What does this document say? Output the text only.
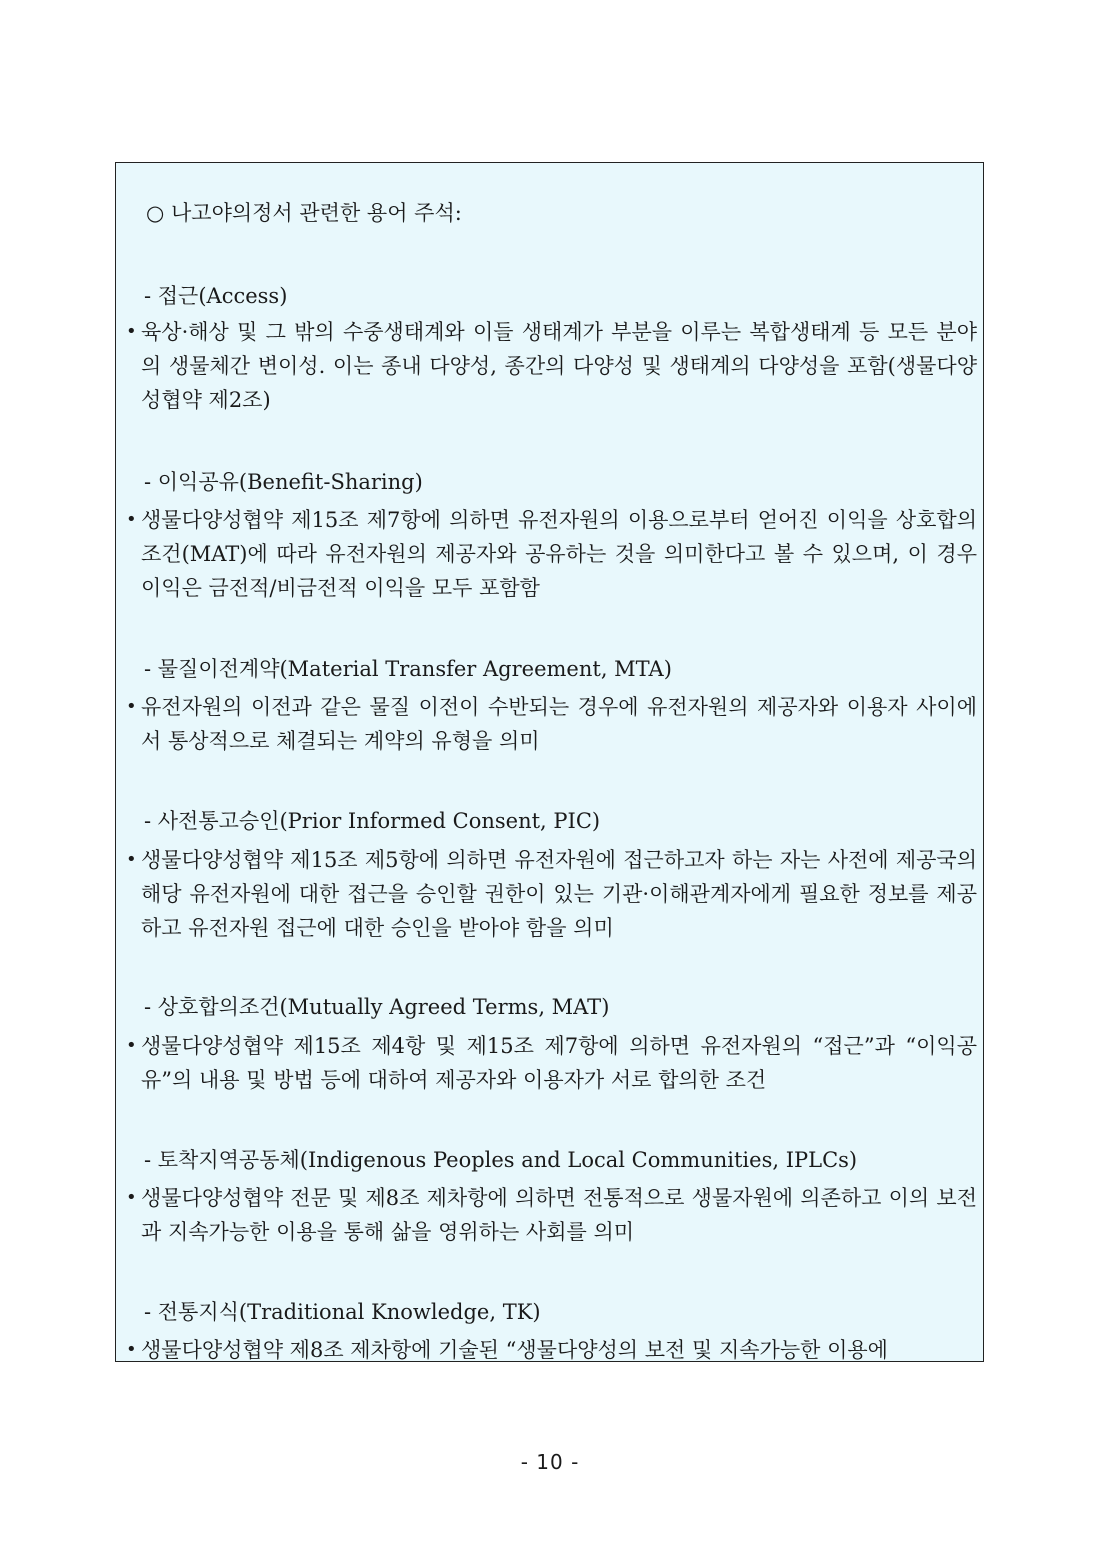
○ 나고야의정서 관련한 용어 주석:
- 접근(Access)
• 육상·해상 및 그 밖의 수중생태계와 이들 생태계가 부분을 이루는 복합생태계 등 모든 분야의 생물체간 변이성. 이는 종내 다양성, 종간의 다양성 및 생태계의 다양성을 포함(생물다양성협약 제2조)
- 이익공유(Benefit-Sharing)
• 생물다양성협약 제15조 제7항에 의하면 유전자원의 이용으로부터 얻어진 이익을 상호합의조건(MAT)에 따라 유전자원의 제공자와 공유하는 것을 의미한다고 볼 수 있으며, 이 경우 이익은 금전적/비금전적 이익을 모두 포함함
- 물질이전계약(Material Transfer Agreement, MTA)
• 유전자원의 이전과 같은 물질 이전이 수반되는 경우에 유전자원의 제공자와 이용자 사이에서 통상적으로 체결되는 계약의 유형을 의미
- 사전통고승인(Prior Informed Consent, PIC)
• 생물다양성협약 제15조 제5항에 의하면 유전자원에 접근하고자 하는 자는 사전에 제공국의 해당 유전자원에 대한 접근을 승인할 권한이 있는 기관·이해관계자에게 필요한 정보를 제공하고 유전자원 접근에 대한 승인을 받아야 함을 의미
- 상호합의조건(Mutually Agreed Terms, MAT)
• 생물다양성협약 제15조 제4항 및 제15조 제7항에 의하면 유전자원의 “접근”과 “이익공유”의 내용 및 방법 등에 대하여 제공자와 이용자가 서로 합의한 조건
- 토착지역공동체(Indigenous Peoples and Local Communities, IPLCs)
• 생물다양성협약 전문 및 제8조 제차항에 의하면 전통적으로 생물자원에 의존하고 이의 보전과 지속가능한 이용을 통해 삶을 영위하는 사회를 의미
- 전통지식(Traditional Knowledge, TK)
• 생물다양성협약 제8조 제차항에 기술된 “생물다양성의 보전 및 지속가능한 이용에
- 10 -
